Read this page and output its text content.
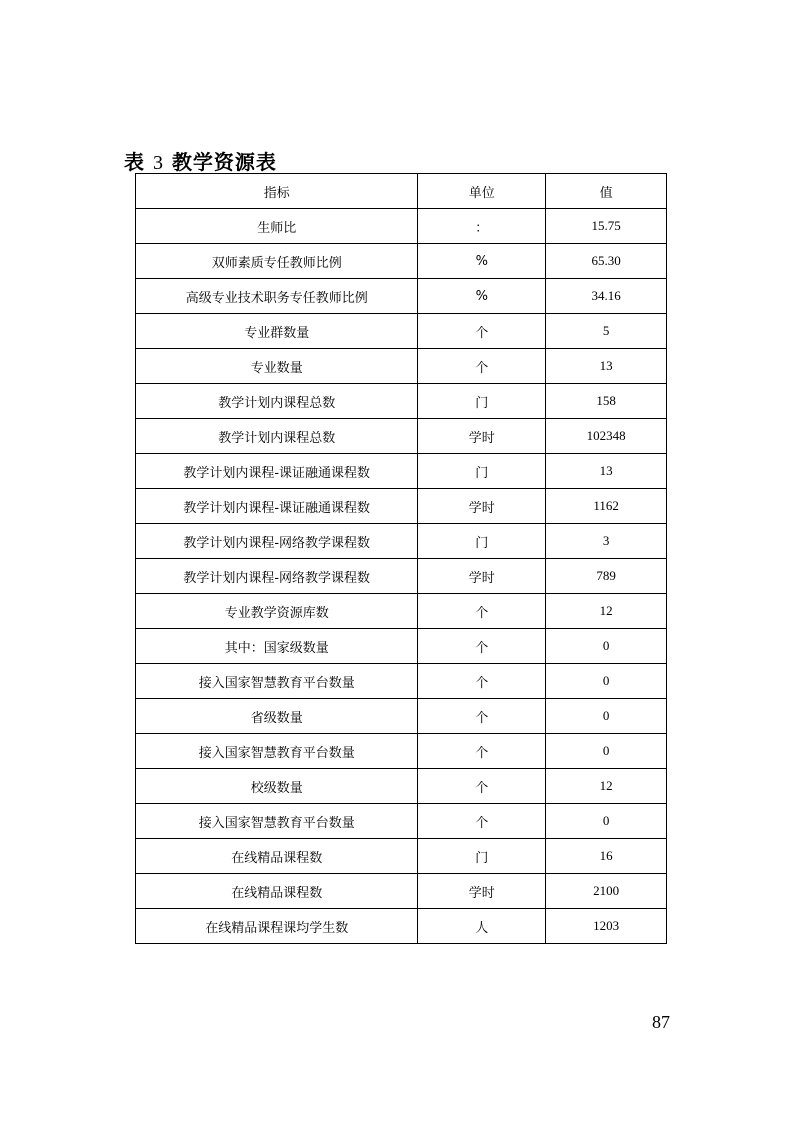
表 3 教学资源表
指标	单位	值
生师比	：	15.75
双师素质专任教师比例	%	65.30
高级专业技术职务专任教师比例	%	34.16
专业群数量	个	5
专业数量	个	13
教学计划内课程总数	门	158
教学计划内课程总数	学时	102348
教学计划内课程-课证融通课程数	门	13
教学计划内课程-课证融通课程数	学时	1162
教学计划内课程-网络教学课程数	门	3
教学计划内课程-网络教学课程数	学时	789
专业教学资源库数	个	12
其中：国家级数量	个	0
接入国家智慧教育平台数量	个	0
省级数量	个	0
接入国家智慧教育平台数量	个	0
校级数量	个	12
接入国家智慧教育平台数量	个	0
在线精品课程数	门	16
在线精品课程数	学时	2100
在线精品课程课均学生数	人	1203
87
